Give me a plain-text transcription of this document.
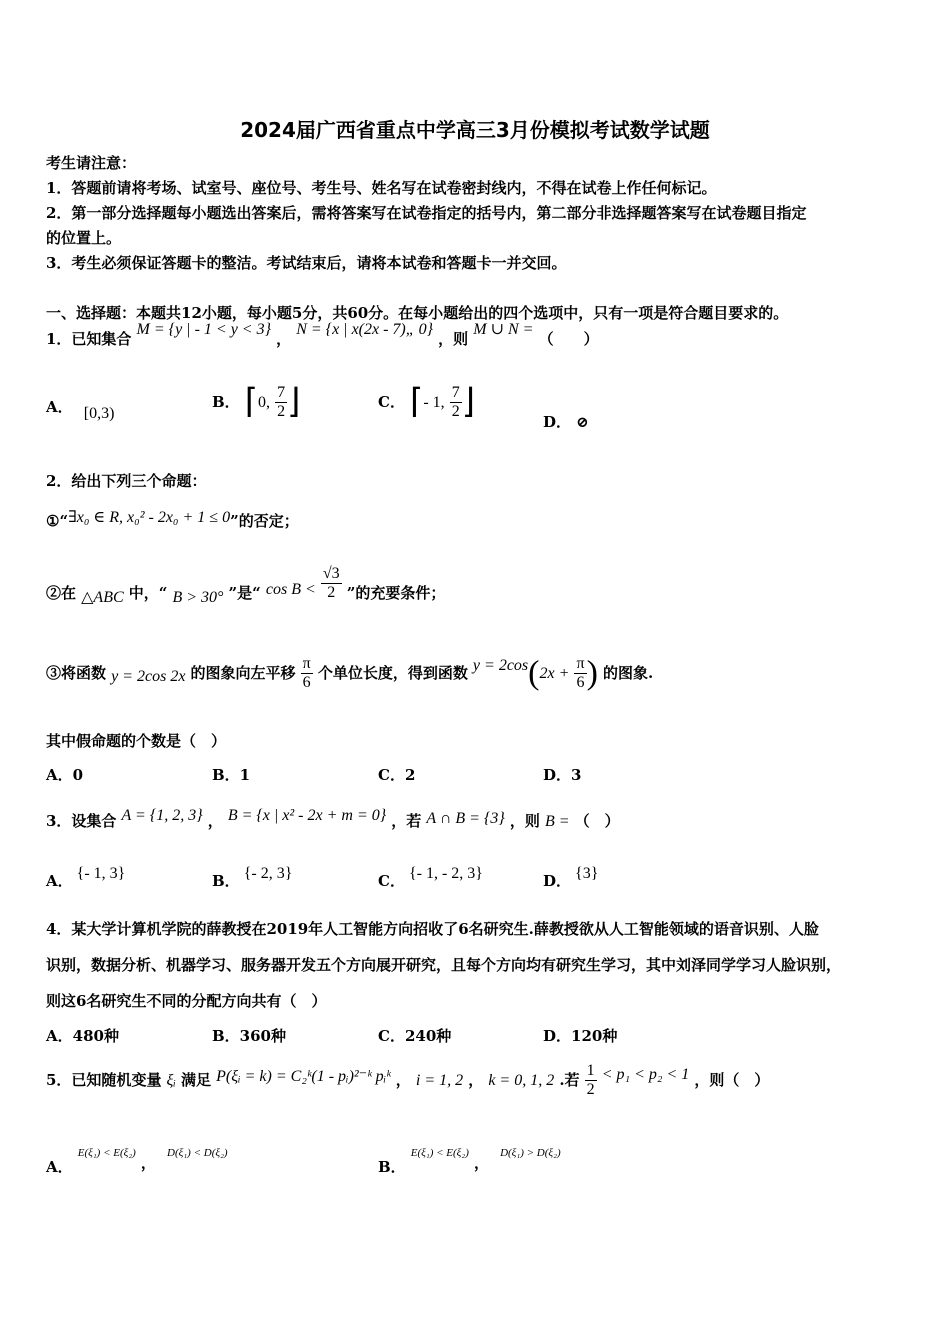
2024届广西省重点中学高三3月份模拟考试数学试题
考生请注意：
1．答题前请将考场、试室号、座位号、考生号、姓名写在试卷密封线内，不得在试卷上作任何标记。
2．第一部分选择题每小题选出答案后，需将答案写在试卷指定的括号内，第二部分非选择题答案写在试卷题目指定
的位置上。
3．考生必须保证答题卡的整洁。考试结束后，请将本试卷和答题卡一并交回。
一、选择题：本题共12小题，每小题5分，共60分。在每小题给出的四个选项中，只有一项是符合题目要求的。
1．已知集合 M = {y | - 1 < y < 3} ， N = {x | x(2x - 7)„ 0} ，则 M ∪ N = （　　）
A． [0,3)
B． ⌈0, $\frac{7}{2}$ ⌋	C． ⌈- 1, $\frac{7}{2}$ ⌋
D． ⊘
2．给出下列三个命题：
①“∃x₀ ∈ R, x₀² - 2x₀ + 1 ≤ 0”的否定；
②在 △ABC 中，“ B > 30° ”是“ $\cos B < \frac{√3}{2}$ ”的充要条件；
③将函数 y = 2cos 2x 的图象向左平移 $\frac{\pi}{6}$ 个单位长度，得到函数 $y = 2\cos(2x + \frac{\pi}{6}$ ) 的图象.
其中假命题的个数是（　）
A．0	B．1	C．2	D．3
3．设集合 A = {1, 2, 3} ， B = {x | x² - 2x + m = 0} ，若 A ∩ B = {3} ，则 B = （　）
A． {- 1, 3}	B． {- 2, 3}	C． {- 1, - 2, 3}	D． {3}
4．某大学计算机学院的薛教授在2019年人工智能方向招收了6名研究生.薛教授欲从人工智能领域的语音识别、人脸
识别，数据分析、机器学习、服务器开发五个方向展开研究，且每个方向均有研究生学习，其中刘泽同学学习人脸识别，
则这6名研究生不同的分配方向共有（　）
A．480种	B．360种	C．240种	D．120种
5．已知随机变量 ξᵢ 满足 P(ξᵢ = k) = C₂ᵏ(1 - pᵢ)²⁻ᵏ pᵢᵏ ， i = 1, 2 ， k = 0, 1, 2 .若 $\frac{1}{2} < p_1 < p_2 < 1$ ，则（　）
A． E(ξ₁) < E(ξ₂) ， D(ξ₁) < D(ξ₂)
B． E(ξ₁) < E(ξ₂) ， D(ξ₁) > D(ξ₂)
